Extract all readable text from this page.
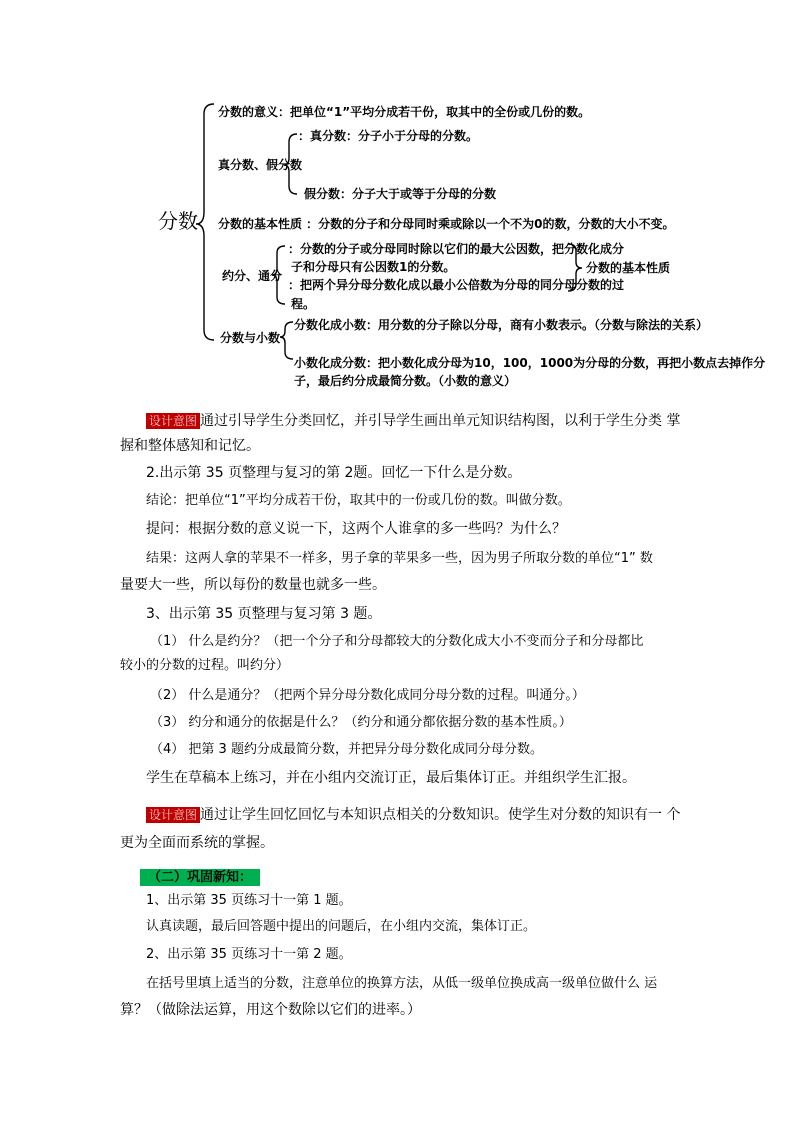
分数
分数的意义：把单位“1”平均分成若干份，取其中的全份或几份的数。
真分数、假分数
：真分数：分子小于分母的分数。
假分数：分子大于或等于分母的分数
分数的基本性质 ：分数的分子和分母同时乘或除以一个不为0的数，分数的大小不变。
约分、通分
：分数的分子或分母同时除以它们的最大公因数，把分数化成分
子和分母只有公因数1的分数。
：把两个异分母分数化成以最小公倍数为分母的同分母分数的过
程。
分数的基本性质
分数与小数
分数化成小数：用分数的分子除以分母，商有小数表示。（分数与除法的关系）
小数化成分数：把小数化成分母为10，100，1000为分母的分数，再把小数点去掉作分
子，最后约分成最简分数。（小数的意义）
设计意图 通过引导学生分类回忆，并引导学生画出单元知识结构图，以利于学生分类 掌
握和整体感知和记忆。
2.出示第 35 页整理与复习的第 2题。回忆一下什么是分数。
结论：把单位“1”平均分成若干份，取其中的一份或几份的数。叫做分数。
提问：根据分数的意义说一下，这两个人谁拿的多一些吗？为什么？
结果：这两人拿的苹果不一样多，男子拿的苹果多一些，因为男子所取分数的单位“1” 数
量要大一些，所以每份的数量也就多一些。
3、出示第 35 页整理与复习第 3 题。
（1） 什么是约分？（把一个分子和分母都较大的分数化成大小不变而分子和分母都比
较小的分数的过程。叫约分）
（2） 什么是通分？（把两个异分母分数化成同分母分数的过程。叫通分。）
（3） 约分和通分的依据是什么？（约分和通分都依据分数的基本性质。）
（4） 把第 3 题约分成最简分数，并把异分母分数化成同分母分数。
学生在草稿本上练习，并在小组内交流订正，最后集体订正。并组织学生汇报。
设计意图 通过让学生回忆回忆与本知识点相关的分数知识。使学生对分数的知识有一 个
更为全面而系统的掌握。
（二）巩固新知：
1、出示第 35 页练习十一第 1 题。
认真读题，最后回答题中提出的问题后，在小组内交流，集体订正。
2、出示第 35 页练习十一第 2 题。
在括号里填上适当的分数，注意单位的换算方法，从低一级单位换成高一级单位做什么 运
算？（做除法运算，用这个数除以它们的进率。）
